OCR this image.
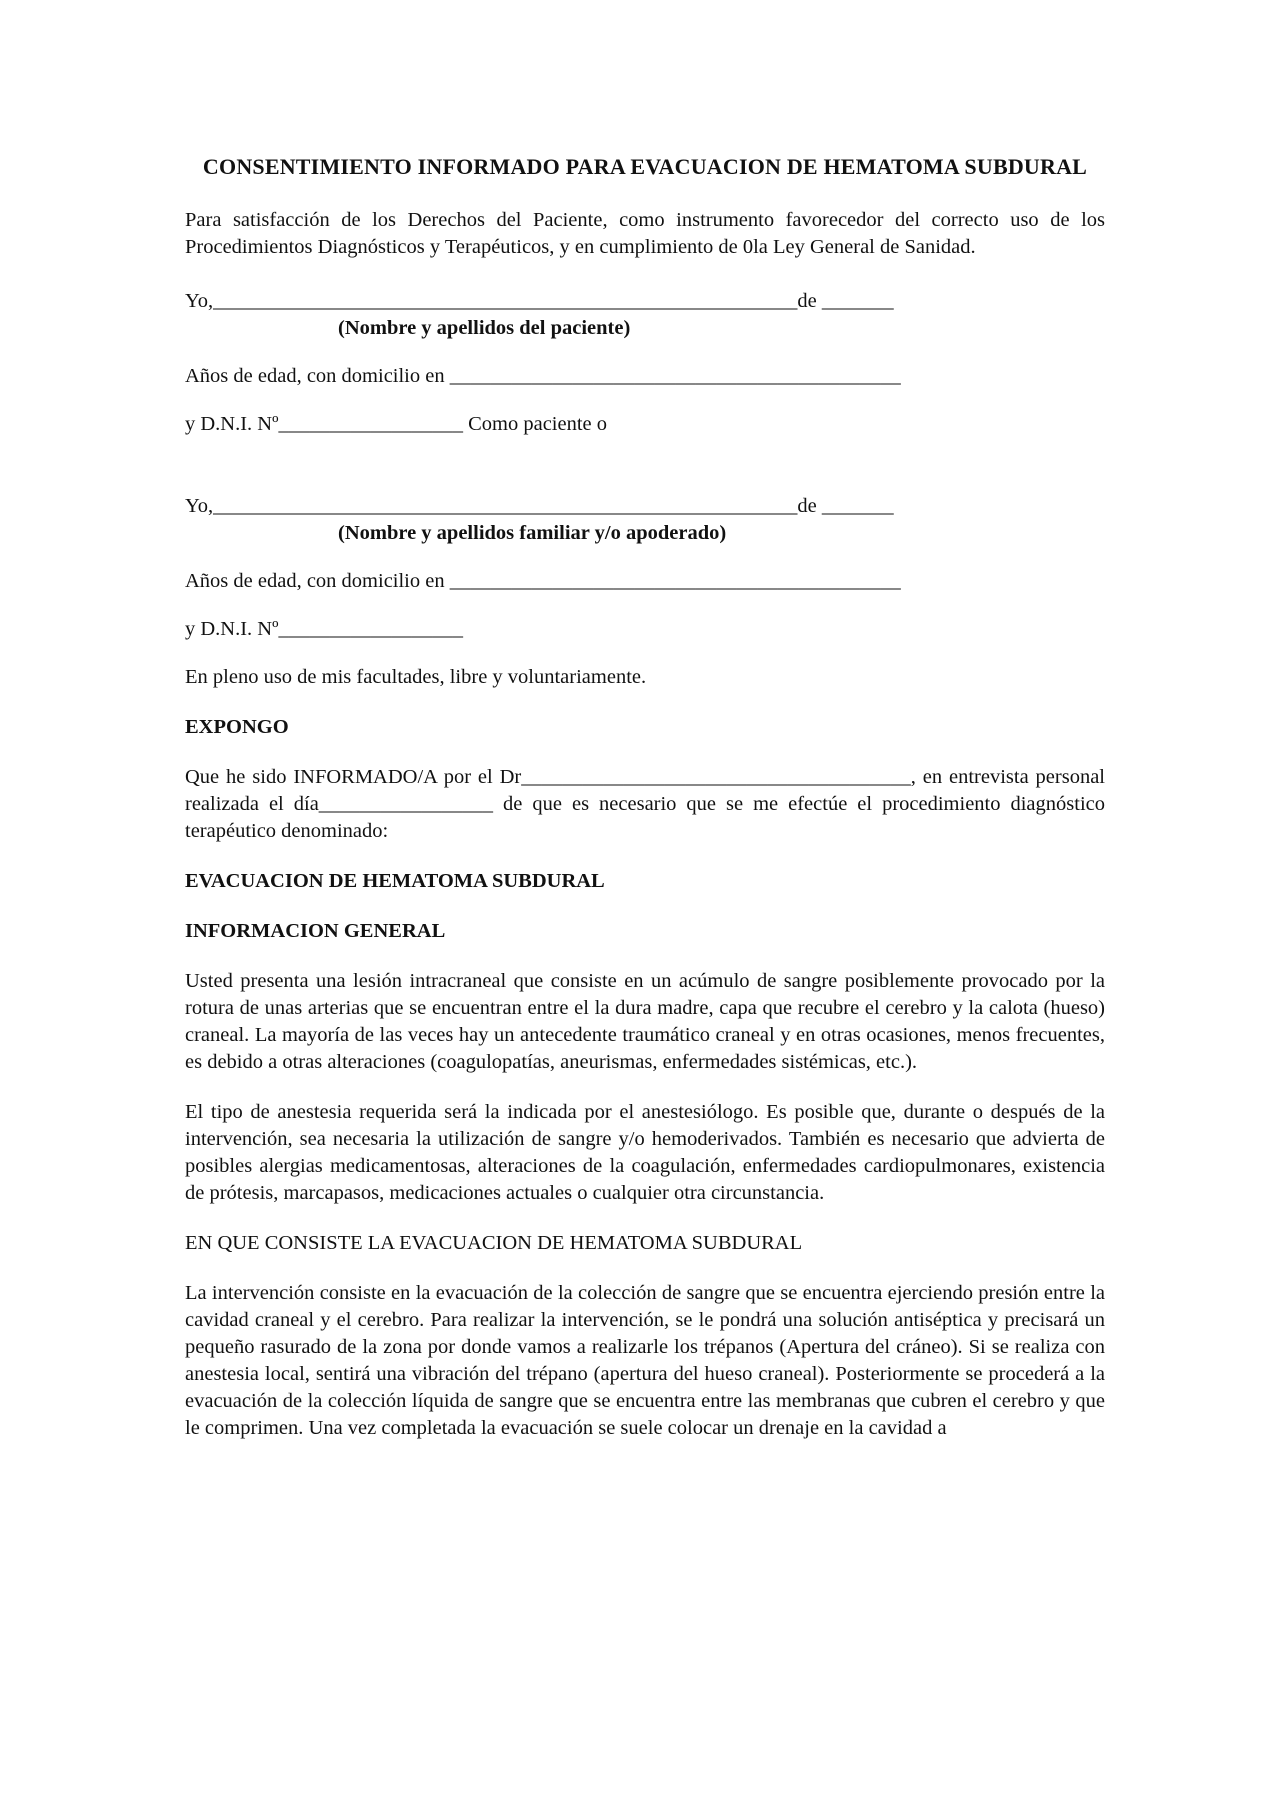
CONSENTIMIENTO INFORMADO PARA EVACUACION DE HEMATOMA SUBDURAL

Para satisfacción de los Derechos del Paciente, como instrumento favorecedor del correcto uso de los Procedimientos Diagnósticos y Terapéuticos, y en cumplimiento de 0la Ley General de Sanidad.

Yo,_________________________________________________________de _______

(Nombre y apellidos del paciente)

Años de edad, con domicilio en ____________________________________________

y D.N.I. Nº__________________ Como paciente o

Yo,_________________________________________________________de _______

(Nombre y apellidos familiar y/o apoderado)

Años de edad, con domicilio en ____________________________________________

y D.N.I. Nº__________________

En pleno uso de mis facultades, libre y voluntariamente.

EXPONGO

Que he sido INFORMADO/A por el Dr______________________________________, en entrevista personal realizada el día_________________ de que es necesario que se me efectúe el procedimiento diagnóstico terapéutico denominado:

EVACUACION DE HEMATOMA SUBDURAL

INFORMACION GENERAL

Usted presenta una lesión intracraneal que consiste en un acúmulo de sangre posiblemente provocado por la rotura de unas arterias que se encuentran entre el la dura madre, capa que recubre el cerebro y la calota (hueso) craneal. La mayoría de las veces hay un antecedente traumático craneal y en otras ocasiones, menos frecuentes, es debido a otras alteraciones (coagulopatías, aneurismas, enfermedades sistémicas, etc.).

El tipo de anestesia requerida será la indicada por el anestesiólogo. Es posible que, durante o después de la intervención, sea necesaria la utilización de sangre y/o hemoderivados. También es necesario que advierta de posibles alergias medicamentosas, alteraciones de la coagulación, enfermedades cardiopulmonares, existencia de prótesis, marcapasos, medicaciones actuales o cualquier otra circunstancia.

EN QUE CONSISTE LA EVACUACION DE HEMATOMA SUBDURAL

La intervención consiste en la evacuación de la colección de sangre que se encuentra ejerciendo presión entre la cavidad craneal y el cerebro. Para realizar la intervención, se le pondrá una solución antiséptica y precisará un pequeño rasurado de la zona por donde vamos a realizarle los trépanos (Apertura del cráneo). Si se realiza con anestesia local, sentirá una vibración del trépano (apertura del hueso craneal). Posteriormente se procederá a la evacuación de la colección líquida de sangre que se encuentra entre las membranas que cubren el cerebro y que le comprimen. Una vez completada la evacuación se suele colocar un drenaje en la cavidad a
